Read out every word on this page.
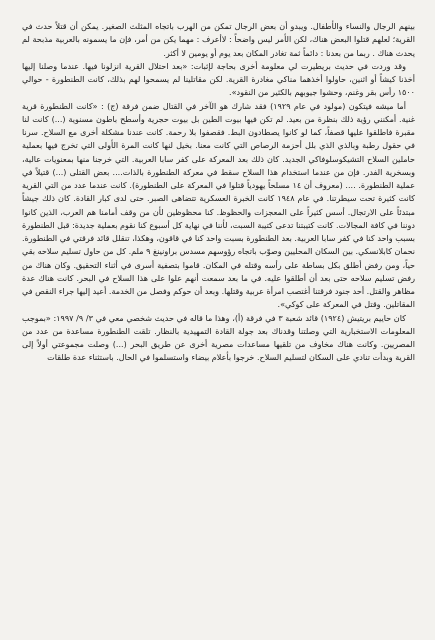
بينهم الرجال والنساء والأطفال. ويبدو أن بعض الرجال تمكن من الهرب باتجاه المثلث الصغير. يمكن أن قتلاً حدث في القرية؛ لعلهم قتلوا البعض هناك، لكن الأمر ليس واضحاً : لاأعرف : مهما يكن من أمر، فإن ما يسمونه بالعربية مذبحة لم يحدث هناك . ربما من بعدنا : دائماً ثمة تغادر المكان بعد يوم أو يومين لا أكثر.

وقد وردت في حديث بريطيرت لي معلومة أخرى بحاجة لإثبات: «بعد احتلال القرية انزلونا فيها. عندما وصلنا إليها أخذنا كيشاً أو اثنين، حاولوا أخذهما مناكي مغادرة القرية. لكن مقاتلينا لم يسمحوا لهم بذلك، كانت الطنطورة - حوالي ١٥٠٠ رأس بقر وغنم، وحشوا جيوبهم بالكثير من النقود».

أما ميشه فيتكون (مولود في عام ١٩٢٩) فقد شارك هو الآخر في القتال ضمن فرقة (ج) : «كانت الطنطورة قرية غنية. أمكنني رؤية ذلك بنظرة من بعيد. لم تكن فيها بيوت الطين بل بيوت حجرية وأسطح باطون مسنوية (...) كانت لنا مقبرة فاطلقوا عليها قصفاً، كما لو كانوا يصطادون البط. فقصفوا بلا رحمة. كانت عندنا مشكلة أخرى مع السلاح. سرنا في حقول رطبة وبالذي الذي بلل أحزمة الرصاص التي كانت معنا. بخيل لنها كانت المرة الأولى التي تخرج فيها بعملية حاملين السلاح التشيكوسلوفاكي الجديد. كان ذلك بعد المعركة على كفر سابا العربية. التي خرجنا منها بمعنويات عالية، وبسخرية الفدر. فإن من عندما استخدام هذا السلاح سقط في معركة الطنطورة بالذات.... بعض القتلى (...) قتيلاً في عملية الطنطورة. .... (معروف أن ١٤ مسلحاً يهودياً قتلوا في المعركة على الطنطورة). كانت عندما عدد من التي القرية كانت كثيرة تحت سيطرتنا. في عام ١٩٤٨ كانت الخبرة العسكرية تتضاهى الصبر. حتى لدى كبار القادة. كان ذلك جيشاً مبتدئاً على الارتجال. أسس كثيراً على المعجزات والحظوظ. كنا محظوظين لأن من وقف أمامنا هم العرب، الذين كانوا دوننا في كافة المجالات. كانت كتيبتنا تدعى كتيبة السبت، لأننا في نهاية كل أسبوع كنا نقوم بعملية جديدة: قبل الطنطورة بسبب واحد كنا في كفر سابا العربية. بعد الطنطورة بسبت واحد كنا في قاقون، وهكذا، تنقلل قائد فرقتي في الطنطورة. نحمان كابلانسكي. بين السكان المحليين وصوّب باتجاه رؤوسهم مسدس براونينغ ٩ ملم. كل من حاول تسليم سلاحه بقي حياً، ومن رفض أطلق بكل بساطة على رأسه وقتله في المكان. قاموا بتصفية أسرى في أثناء التحقيق. وكان هناك من رفض تسليم سلاحه حتى بعد أن أطلقوا عليه. في ما بعد سمعت أنهم علوا على هذا السلاح في البحر. كانت هناك عدة مظاهر والقتل. أحد جنود فرقتنا أغتصب امرأة عربية وقتلها. وبعد أن حوكم وفصل من الخدمة. أعيد إليها جراء النقص في المقاتلين. وقتل في المعركة على كوكي».

كان حاييم بريتيش (١٩٢٤) قائد شعبة ٣ في فرقة (أ)، وهذا ما قاله في حديث شخصي معي في ٣/ ٩/ ١٩٩٧: «بموجب المعلومات الاستخبارية التي وصلتنا وقدناك بعد جولة القادة التمهيدية بالنظار. تلقت الطنطورة مساعدة من عدد من المصريين. وكانت هناك مخاوف من تلقيها مساعدات مصرية أخرى عن طريق البحر (...) وصلت مجموعتي أولاً إلى القرية وبدأت تنادي على السكان لتسليم السلاح. خرجوا بأعلام بيضاء واستسلموا في الحال. باستثناء عدة طلقات
